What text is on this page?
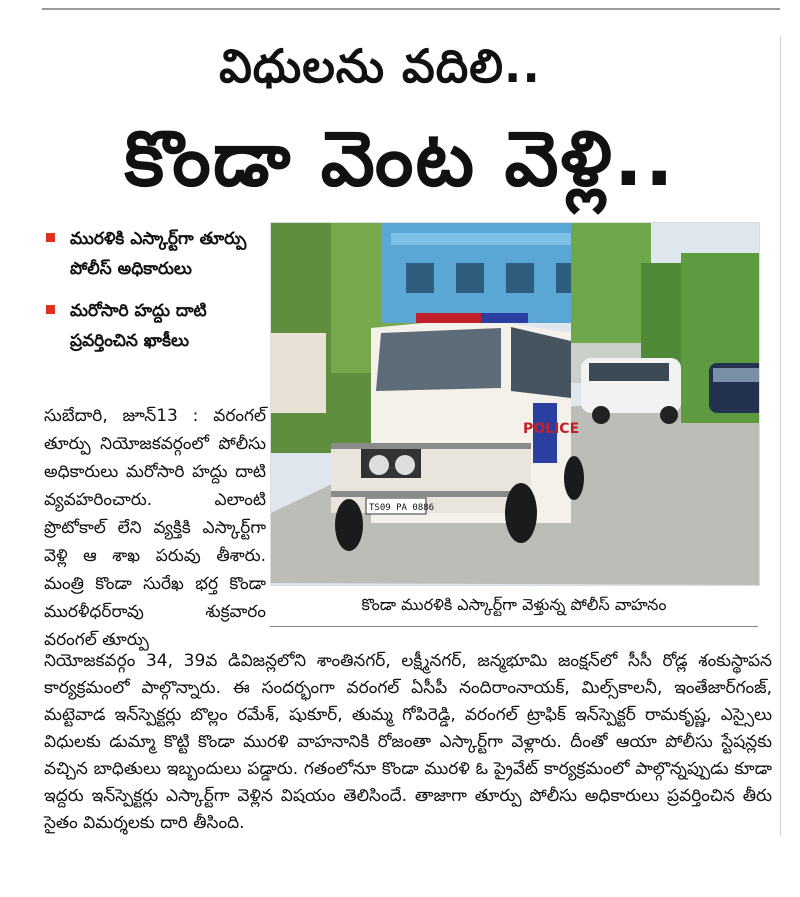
విధులను వదిలి..
కొండా వెంట వెళ్లి..
మురళికి ఎస్కార్ట్‌గా తూర్పు పోలీస్ అధికారులు
మరోసారి హద్దు దాటి ప్రవర్తించిన ఖాకీలు
సుబేదారి, జూన్‌13 : వరంగల్ తూర్పు నియోజకవర్గంలో పోలీసు అధికారులు మరోసారి హద్దు దాటి వ్యవహరించారు. ఎలాంటి ప్రొటోకాల్ లేని వ్యక్తికి ఎస్కార్ట్‌గా వెళ్లి ఆ శాఖ పరువు తీశారు. మంత్రి కొండా సురేఖ భర్త కొండా మురళీధర్‌రావు శుక్రవారం వరంగల్ తూర్పు
POLICE
TS09 PA 0886
కొండా మురళికి ఎస్కార్ట్‌గా వెళ్తున్న పోలీస్ వాహనం
నియోజకవర్గం 34, 39వ డివిజన్లలోని శాంతినగర్, లక్ష్మీనగర్, జన్మభూమి జంక్షన్‌లో సీసీ రోడ్ల శంకుస్థాపన కార్యక్రమంలో పాల్గొన్నారు. ఈ సందర్భంగా వరంగల్ ఏసీపీ నందిరాంనాయక్, మిల్స్‌కాలనీ, ఇంతేజార్‌గంజ్, మట్టెవాడ ఇన్‌స్పెక్టర్లు బొల్లం రమేశ్, షుకూర్, తుమ్మ గోపిరెడ్డి, వరంగల్ ట్రాఫిక్ ఇన్‌స్పెక్టర్ రామకృష్ణ, ఎస్సైలు విధులకు డుమ్మా కొట్టి కొండా మురళి వాహనానికి రోజంతా ఎస్కార్ట్‌గా వెళ్లారు. దీంతో ఆయా పోలీసు స్టేషన్లకు వచ్చిన బాధితులు ఇబ్బందులు పడ్డారు. గతంలోనూ కొండా మురళి ఓ ప్రైవేట్ కార్యక్రమంలో పాల్గొన్నప్పుడు కూడా ఇద్దరు ఇన్‌స్పెక్టర్లు ఎస్కార్ట్‌గా వెళ్లిన విషయం తెలిసిందే. తాజాగా తూర్పు పోలీసు అధికారులు ప్రవర్తించిన తీరు సైతం విమర్శలకు దారి తీసింది.
